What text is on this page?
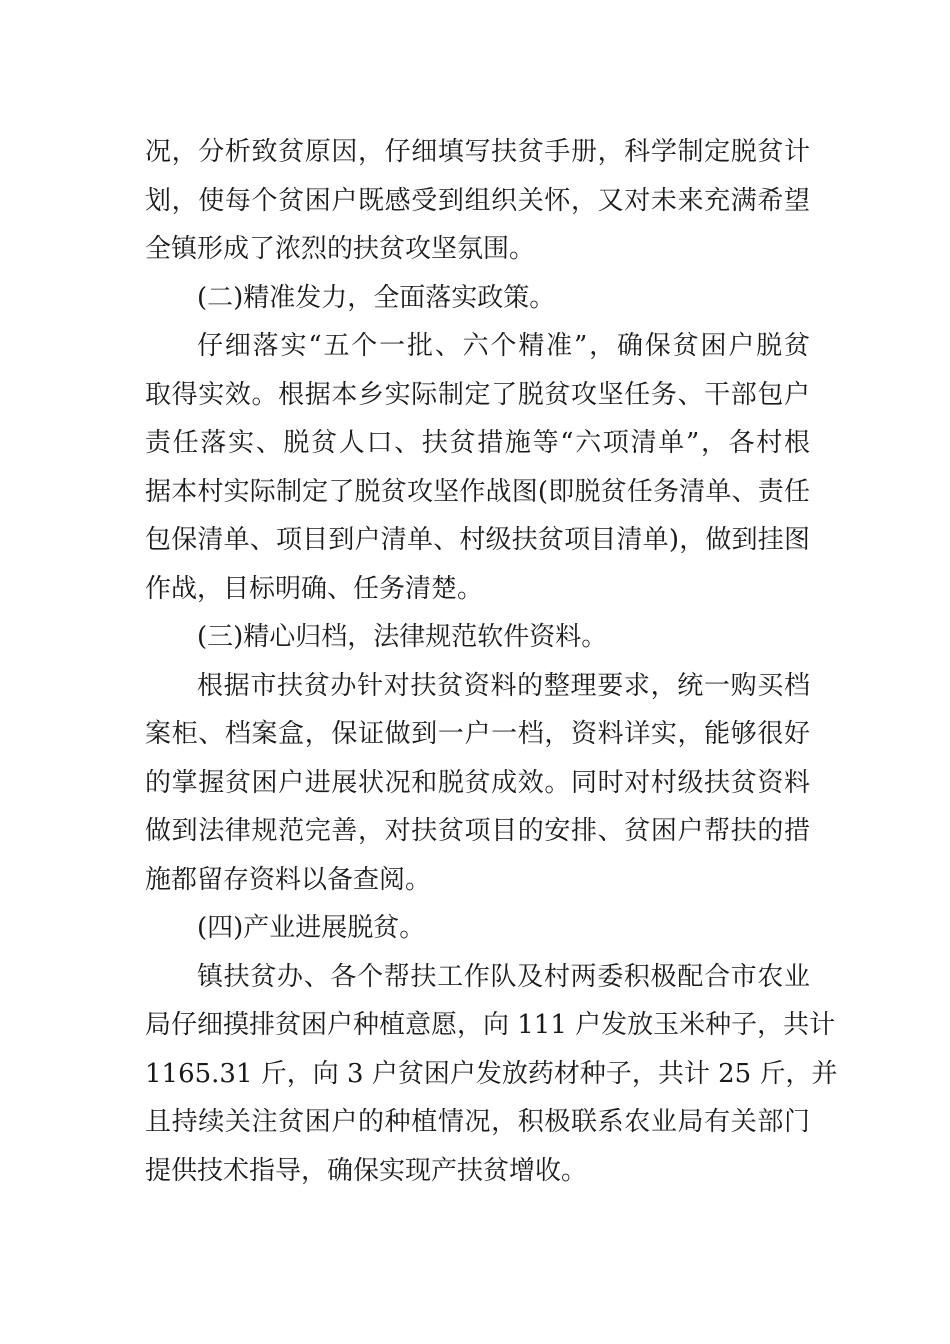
况，分析致贫原因，仔细填写扶贫手册，科学制定脱贫计
划，使每个贫困户既感受到组织关怀，又对未来充满希望
全镇形成了浓烈的扶贫攻坚氛围。
(二)精准发力，全面落实政策。
仔细落实“五个一批、六个精准”，确保贫困户脱贫
取得实效。根据本乡实际制定了脱贫攻坚任务、干部包户
责任落实、脱贫人口、扶贫措施等“六项清单”，各村根
据本村实际制定了脱贫攻坚作战图(即脱贫任务清单、责任
包保清单、项目到户清单、村级扶贫项目清单)，做到挂图
作战，目标明确、任务清楚。
(三)精心归档，法律规范软件资料。
根据市扶贫办针对扶贫资料的整理要求，统一购买档
案柜、档案盒，保证做到一户一档，资料详实，能够很好
的掌握贫困户进展状况和脱贫成效。同时对村级扶贫资料
做到法律规范完善，对扶贫项目的安排、贫困户帮扶的措
施都留存资料以备查阅。
(四)产业进展脱贫。
镇扶贫办、各个帮扶工作队及村两委积极配合市农业
局仔细摸排贫困户种植意愿，向 111 户发放玉米种子，共计
1165.31 斤，向 3 户贫困户发放药材种子，共计 25 斤，并
且持续关注贫困户的种植情况，积极联系农业局有关部门
提供技术指导，确保实现产扶贫增收。
